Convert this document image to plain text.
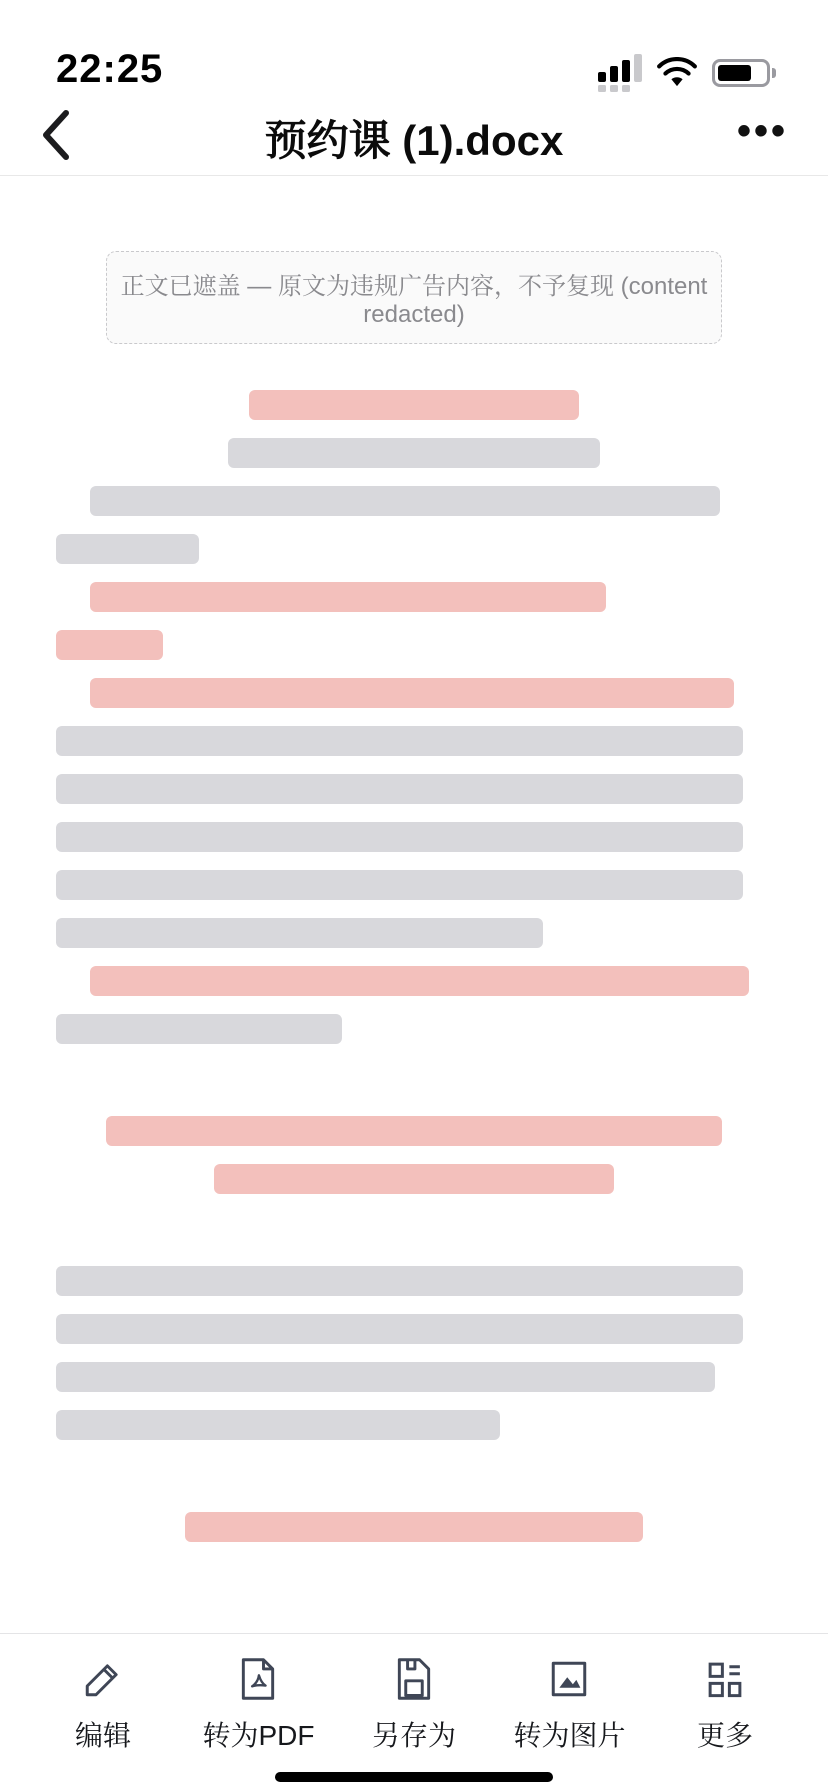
22:25
预约课 (1).docx	•••
正文已遮盖 — 原文为违规广告内容，不予复现 (content redacted)
编辑	转为PDF 另存为 转为图片	更多
